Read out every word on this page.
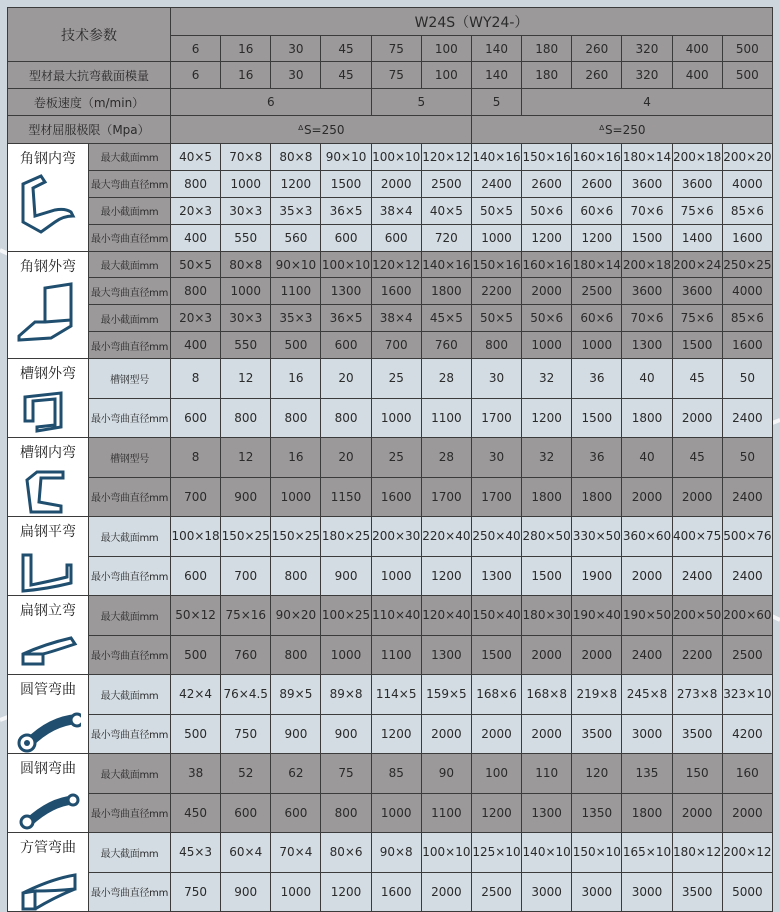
技术参数		W24S（WY24-）											
		6	16	30	45	75	100	140	180	260	320	400	500
型材最大抗弯截面模量		6	16	30	45	75	100	140	180	260	320	400	500
卷板速度（m/min）		6				5		5	4				
型材屈服极限（Mpa）		ᐞS=250						ᐞS=250					

角钢内弯	最大截面mm	40×5	70×8	80×8	90×10	100×10	120×12	140×16	150×16	160×16	180×14	200×18	200×20
	最大弯曲直径mm	800	1000	1200	1500	2000	2500	2400	2600	2600	3600	3600	4000
	最小截面mm	20×3	30×3	35×3	36×5	38×4	40×5	50×5	50×6	60×6	70×6	75×6	85×6
	最小弯曲直径mm	400	550	560	600	600	720	1000	1200	1200	1500	1400	1600

角钢外弯	最大截面mm	50×5	80×8	90×10	100×10	120×12	140×16	150×16	160×16	180×14	200×18	200×24	250×25
	最大弯曲直径mm	800	1000	1100	1300	1600	1800	2200	2000	2500	3600	3600	4000
	最小截面mm	20×3	30×3	35×3	36×5	38×4	45×5	50×5	50×6	60×6	70×6	75×6	85×6
	最小弯曲直径mm	400	550	500	600	700	760	800	1000	1000	1300	1500	1600

槽钢外弯	槽钢型号	8	12	16	20	25	28	30	32	36	40	45	50
	最小弯曲直径mm	600	800	800	800	1000	1100	1700	1200	1500	1800	2000	2400

槽钢内弯	槽钢型号	8	12	16	20	25	28	30	32	36	40	45	50
	最小弯曲直径mm	700	900	1000	1150	1600	1700	1700	1800	1800	2000	2000	2400

扁钢平弯	最大截面mm	100×18	150×25	150×25	180×25	200×30	220×40	250×40	280×50	330×50	360×60	400×75	500×76
	最小弯曲直径mm	600	700	800	900	1000	1200	1300	1500	1900	2000	2400	2400

扁钢立弯	最大截面mm	50×12	75×16	90×20	100×25	110×40	120×40	150×40	180×30	190×40	190×50	200×50	200×60
	最小弯曲直径mm	500	760	800	1000	1100	1300	1500	2000	2000	2400	2200	2500

圆管弯曲	最大截面mm	42×4	76×4.5	89×5	89×8	114×5	159×5	168×6	168×8	219×8	245×8	273×8	323×10
	最小弯曲直径mm	500	750	900	900	1200	2000	2000	2000	3500	3000	3500	4200

圆钢弯曲	最大截面mm	38	52	62	75	85	90	100	110	120	135	150	160
	最小弯曲直径mm	450	600	600	800	1000	1100	1200	1300	1350	1800	2000	2000

方管弯曲	最大截面mm	45×3	60×4	70×4	80×6	90×8	100×10	125×10	140×10	150×10	165×10	180×12	200×12
	最小弯曲直径mm	750	900	1000	1200	1600	2000	2500	3000	3000	3000	3500	5000
